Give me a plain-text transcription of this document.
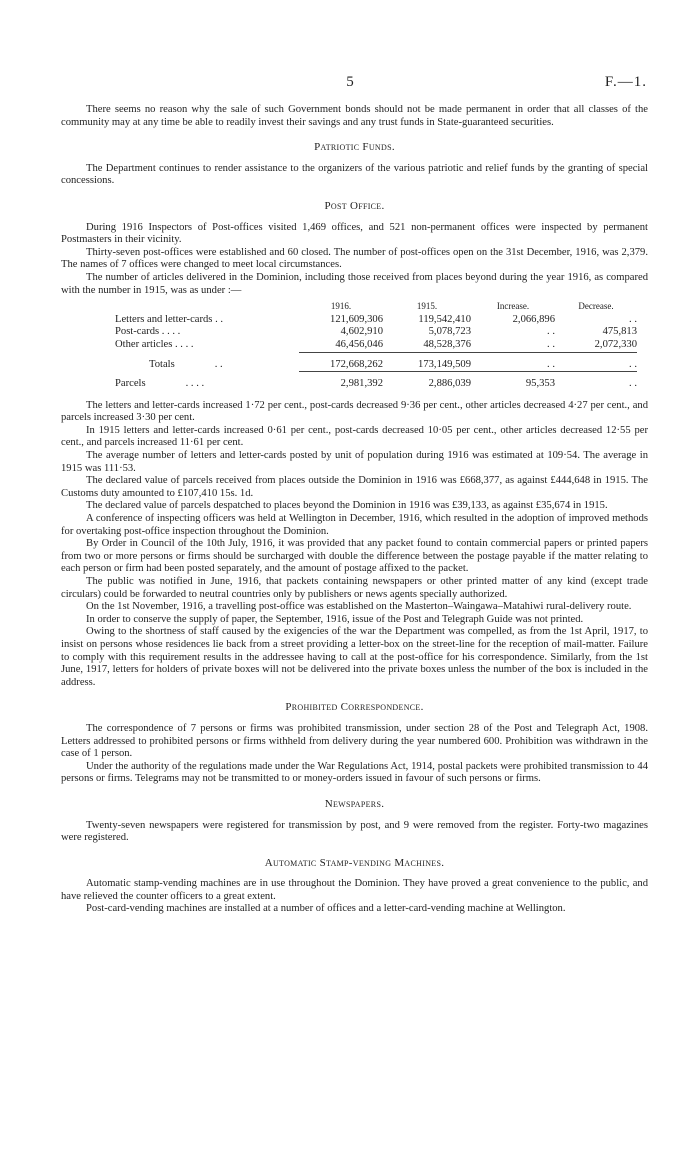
5	F.—1.

There seems no reason why the sale of such Government bonds should not be made permanent in order that all classes of the community may at any time be able to readily invest their savings and any trust funds in State-guaranteed securities.

Patriotic Funds.

The Department continues to render assistance to the organizers of the various patriotic and relief funds by the granting of special concessions.

Post Office.

During 1916 Inspectors of Post-offices visited 1,469 offices, and 521 non-permanent offices were inspected by permanent Postmasters in their vicinity.

Thirty-seven post-offices were established and 60 closed. The number of post-offices open on the 31st December, 1916, was 2,379. The names of 7 offices were changed to meet local circumstances.

The number of articles delivered in the Dominion, including those received from places beyond during the year 1916, as compared with the number in 1915, was as under :—

	1916.	1915.	Increase.	Decrease.
Letters and letter-cards . .	121,609,306	119,542,410	2,066,896	. .
Post-cards . . . .	4,602,910	5,078,723	. .	475,813
Other articles . . . .	46,456,046	48,528,376	. .	2,072,330
Totals . .	172,668,262	173,149,509	. .	. .
Parcels . . . .	2,981,392	2,886,039	95,353	. .

The letters and letter-cards increased 1·72 per cent., post-cards decreased 9·36 per cent., other articles decreased 4·27 per cent., and parcels increased 3·30 per cent.

In 1915 letters and letter-cards increased 0·61 per cent., post-cards decreased 10·05 per cent., other articles decreased 12·55 per cent., and parcels increased 11·61 per cent.

The average number of letters and letter-cards posted by unit of population during 1916 was estimated at 109·54. The average in 1915 was 111·53.

The declared value of parcels received from places outside the Dominion in 1916 was £668,377, as against £444,648 in 1915. The Customs duty amounted to £107,410 15s. 1d.

The declared value of parcels despatched to places beyond the Dominion in 1916 was £39,133, as against £35,674 in 1915.

A conference of inspecting officers was held at Wellington in December, 1916, which resulted in the adoption of improved methods for overtaking post-office inspection throughout the Dominion.

By Order in Council of the 10th July, 1916, it was provided that any packet found to contain commercial papers or printed papers from two or more persons or firms should be surcharged with double the difference between the postage payable if the matter relating to each person or firm had been posted separately, and the amount of postage affixed to the packet.

The public was notified in June, 1916, that packets containing newspapers or other printed matter of any kind (except trade circulars) could be forwarded to neutral countries only by publishers or news agents specially authorized.

On the 1st November, 1916, a travelling post-office was established on the Masterton–Waingawa–Matahiwi rural-delivery route.

In order to conserve the supply of paper, the September, 1916, issue of the Post and Telegraph Guide was not printed.

Owing to the shortness of staff caused by the exigencies of the war the Department was compelled, as from the 1st April, 1917, to insist on persons whose residences lie back from a street providing a letter-box on the street-line for the reception of mail-matter. Failure to comply with this requirement results in the addressee having to call at the post-office for his correspondence. Similarly, from the 1st June, 1917, letters for holders of private boxes will not be delivered into the private boxes unless the number of the box is included in the address.

Prohibited Correspondence.

The correspondence of 7 persons or firms was prohibited transmission, under section 28 of the Post and Telegraph Act, 1908. Letters addressed to prohibited persons or firms withheld from delivery during the year numbered 600. Prohibition was withdrawn in the case of 1 person.

Under the authority of the regulations made under the War Regulations Act, 1914, postal packets were prohibited transmission to 44 persons or firms. Telegrams may not be transmitted to or money-orders issued in favour of such persons or firms.

Newspapers.

Twenty-seven newspapers were registered for transmission by post, and 9 were removed from the register. Forty-two magazines were registered.

Automatic Stamp-vending Machines.

Automatic stamp-vending machines are in use throughout the Dominion. They have proved a great convenience to the public, and have relieved the counter officers to a great extent.

Post-card-vending machines are installed at a number of offices and a letter-card-vending machine at Wellington.
